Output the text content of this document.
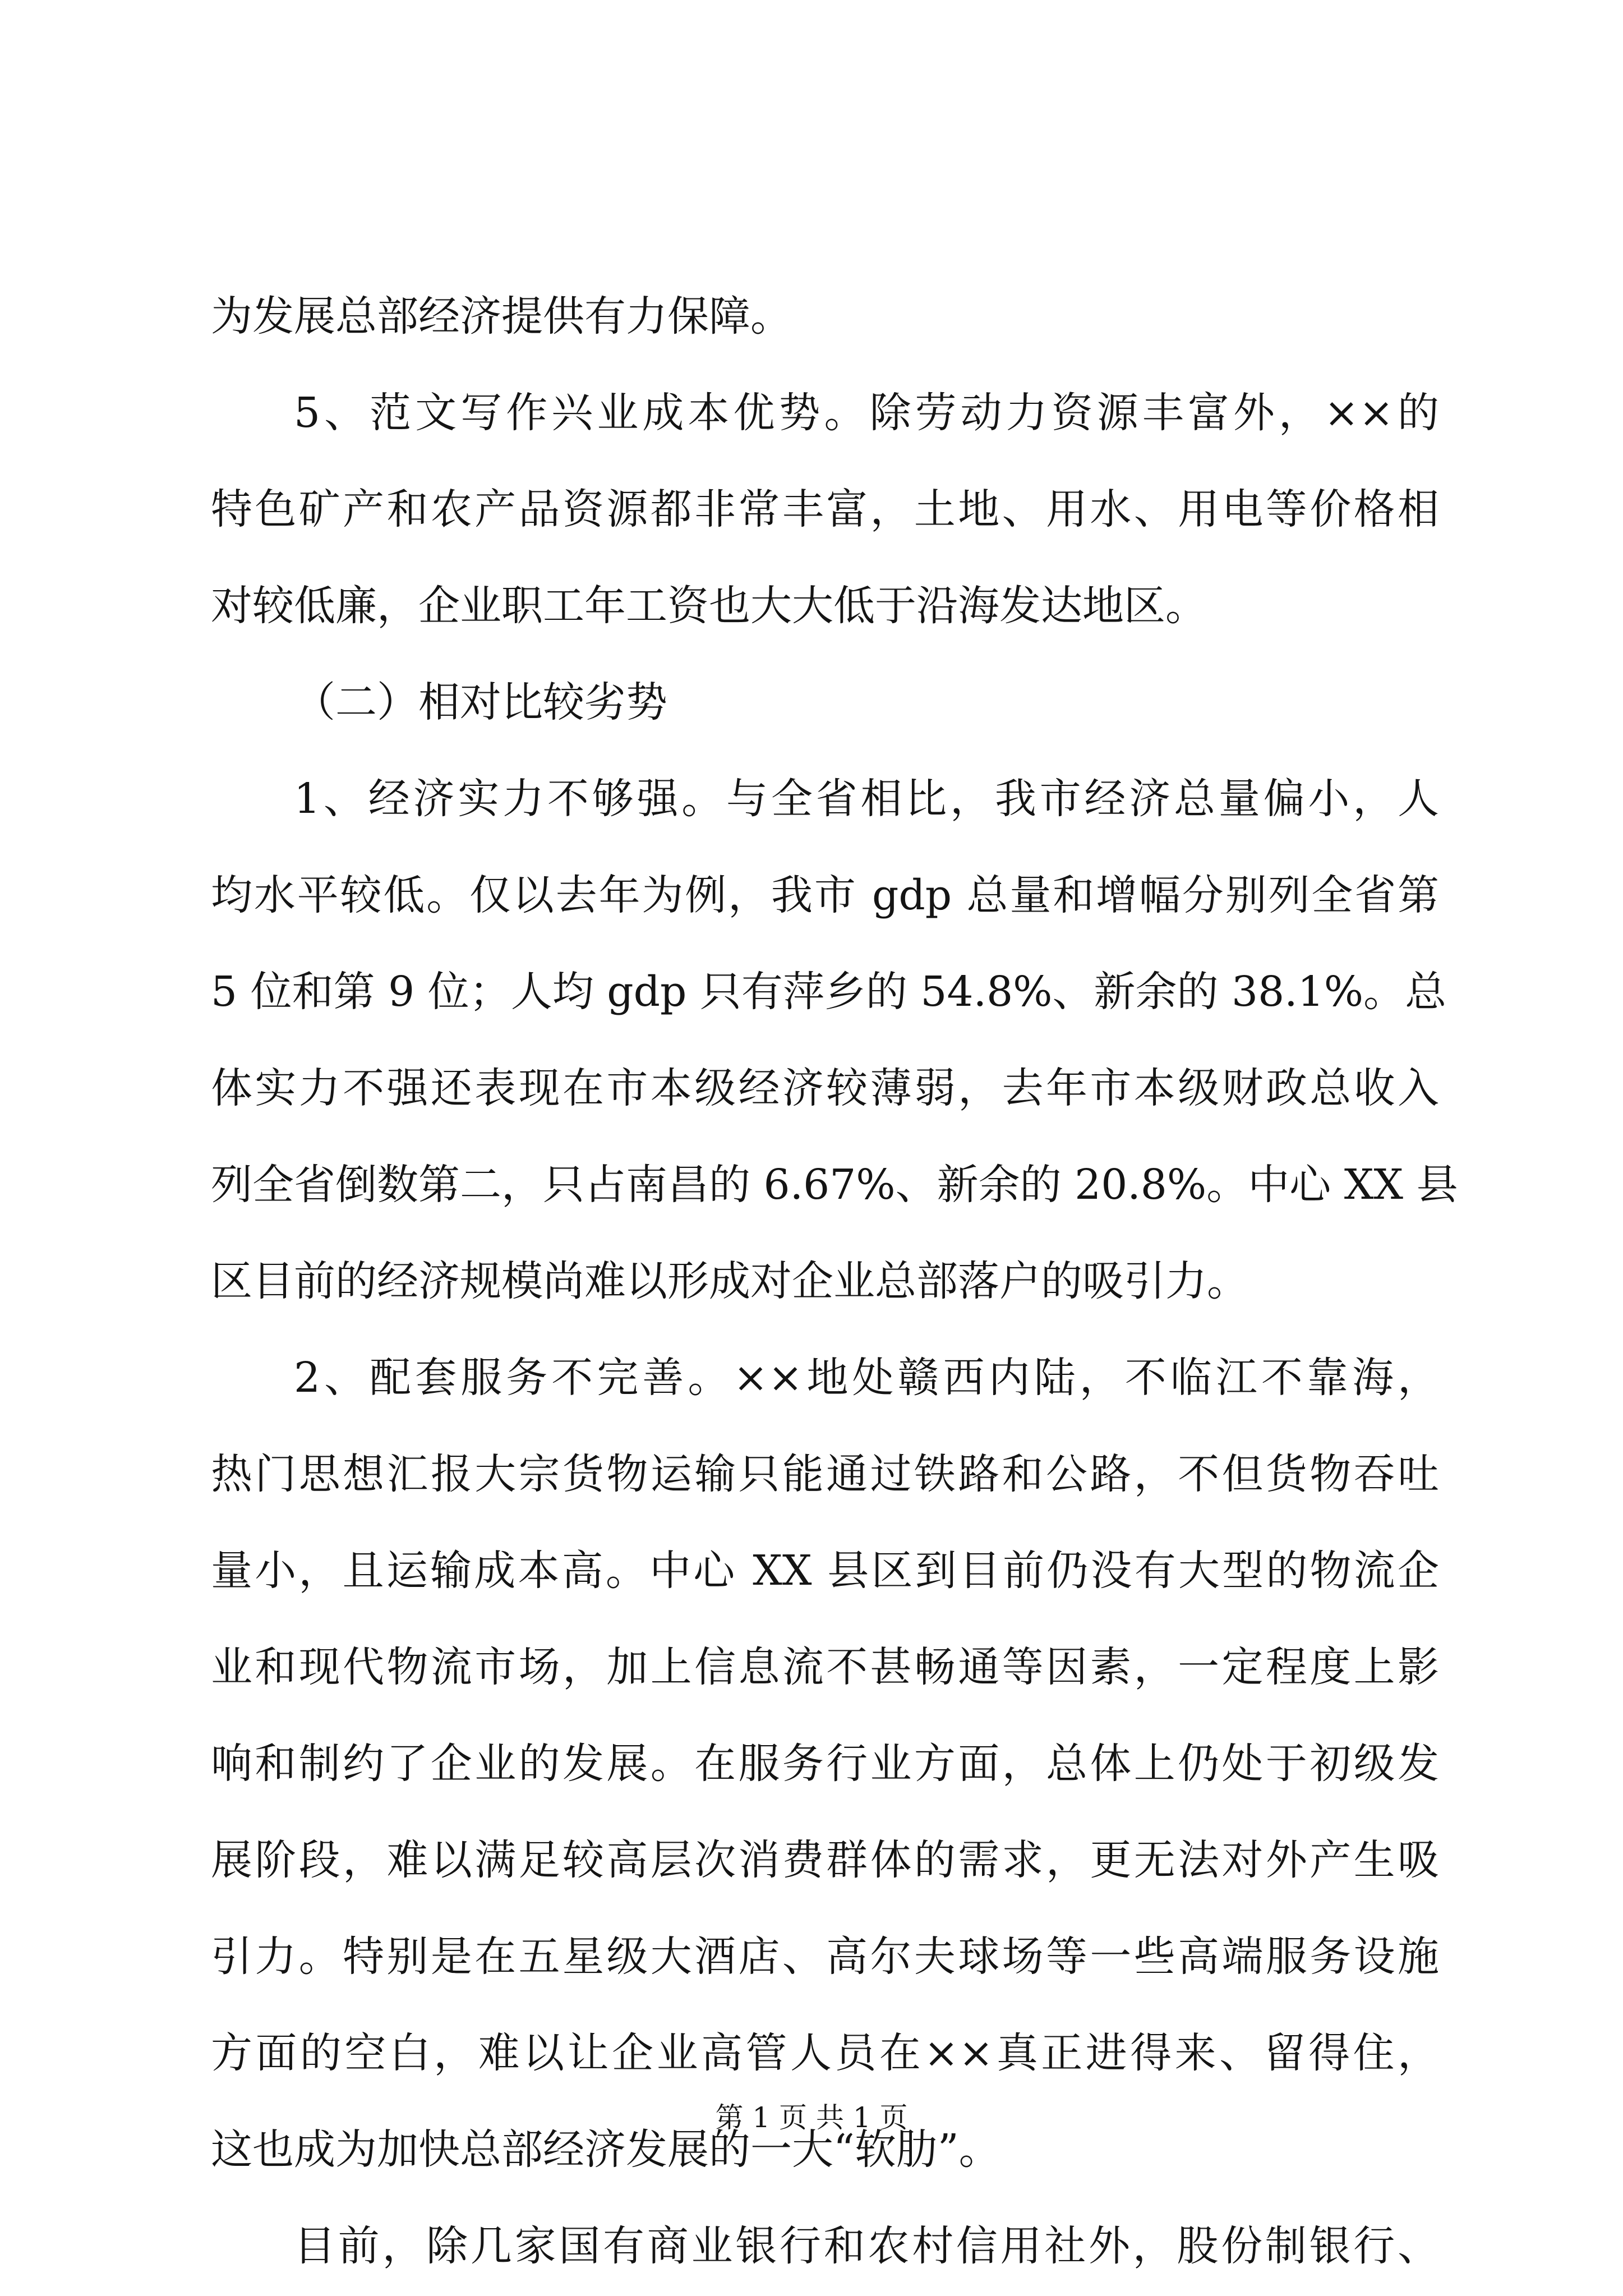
为发展总部经济提供有力保障。
5、范文写作兴业成本优势。除劳动力资源丰富外，××的
特色矿产和农产品资源都非常丰富，土地、用水、用电等价格相
对较低廉，企业职工年工资也大大低于沿海发达地区。
（二）相对比较劣势
1、经济实力不够强。与全省相比，我市经济总量偏小，人
均水平较低。仅以去年为例，我市 gdp 总量和增幅分别列全省第
5 位和第 9 位；人均 gdp 只有萍乡的 54.8%、新余的 38.1%。总
体实力不强还表现在市本级经济较薄弱，去年市本级财政总收入
列全省倒数第二，只占南昌的 6.67%、新余的 20.8%。中心 XX 县
区目前的经济规模尚难以形成对企业总部落户的吸引力。
2、配套服务不完善。××地处赣西内陆，不临江不靠海，
热门思想汇报大宗货物运输只能通过铁路和公路，不但货物吞吐
量小，且运输成本高。中心 XX 县区到目前仍没有大型的物流企
业和现代物流市场，加上信息流不甚畅通等因素，一定程度上影
响和制约了企业的发展。在服务行业方面，总体上仍处于初级发
展阶段，难以满足较高层次消费群体的需求，更无法对外产生吸
引力。特别是在五星级大酒店、高尔夫球场等一些高端服务设施
方面的空白，难以让企业高管人员在××真正进得来、留得住，
这也成为加快总部经济发展的一大“软肋”。
目前，除几家国有商业银行和农村信用社外，股份制银行、
第 1 页 共 1 页
